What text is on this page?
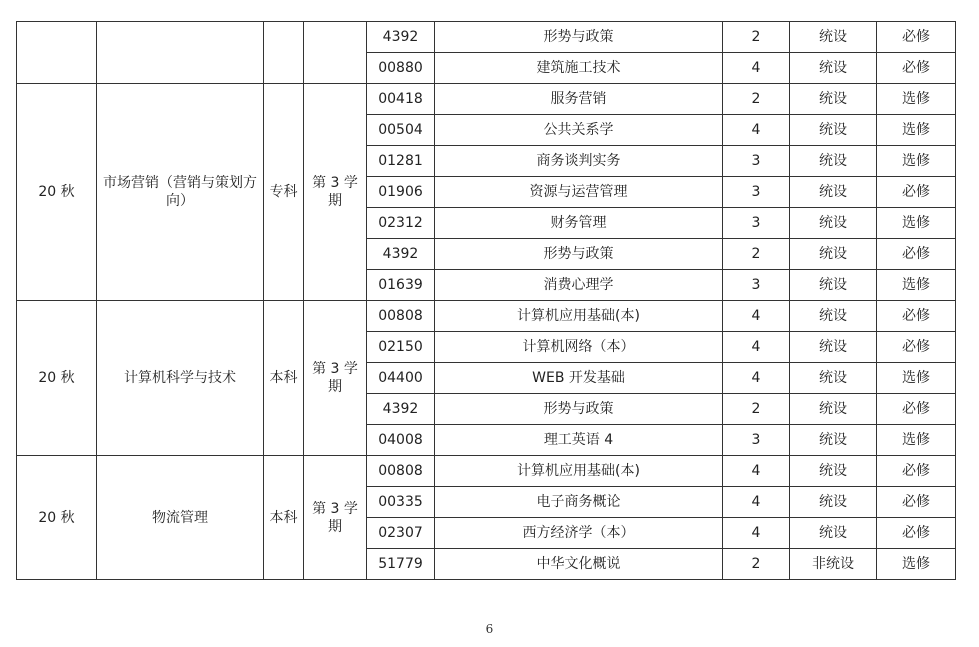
				4392	形势与政策	2	统设	必修
				00880	建筑施工技术	4	统设	必修
20 秋	市场营销（营销与策划方向）	专科	第 3 学期	00418	服务营销	2	统设	选修
				00504	公共关系学	4	统设	选修
				01281	商务谈判实务	3	统设	选修
				01906	资源与运营管理	3	统设	必修
				02312	财务管理	3	统设	选修
				4392	形势与政策	2	统设	必修
				01639	消费心理学	3	统设	选修
20 秋	计算机科学与技术	本科	第 3 学期	00808	计算机应用基础(本)	4	统设	必修
				02150	计算机网络（本）	4	统设	必修
				04400	WEB 开发基础	4	统设	选修
				4392	形势与政策	2	统设	必修
				04008	理工英语 4	3	统设	选修
20 秋	物流管理	本科	第 3 学期	00808	计算机应用基础(本)	4	统设	必修
				00335	电子商务概论	4	统设	必修
				02307	西方经济学（本）	4	统设	必修
				51779	中华文化概说	2	非统设	选修
6
